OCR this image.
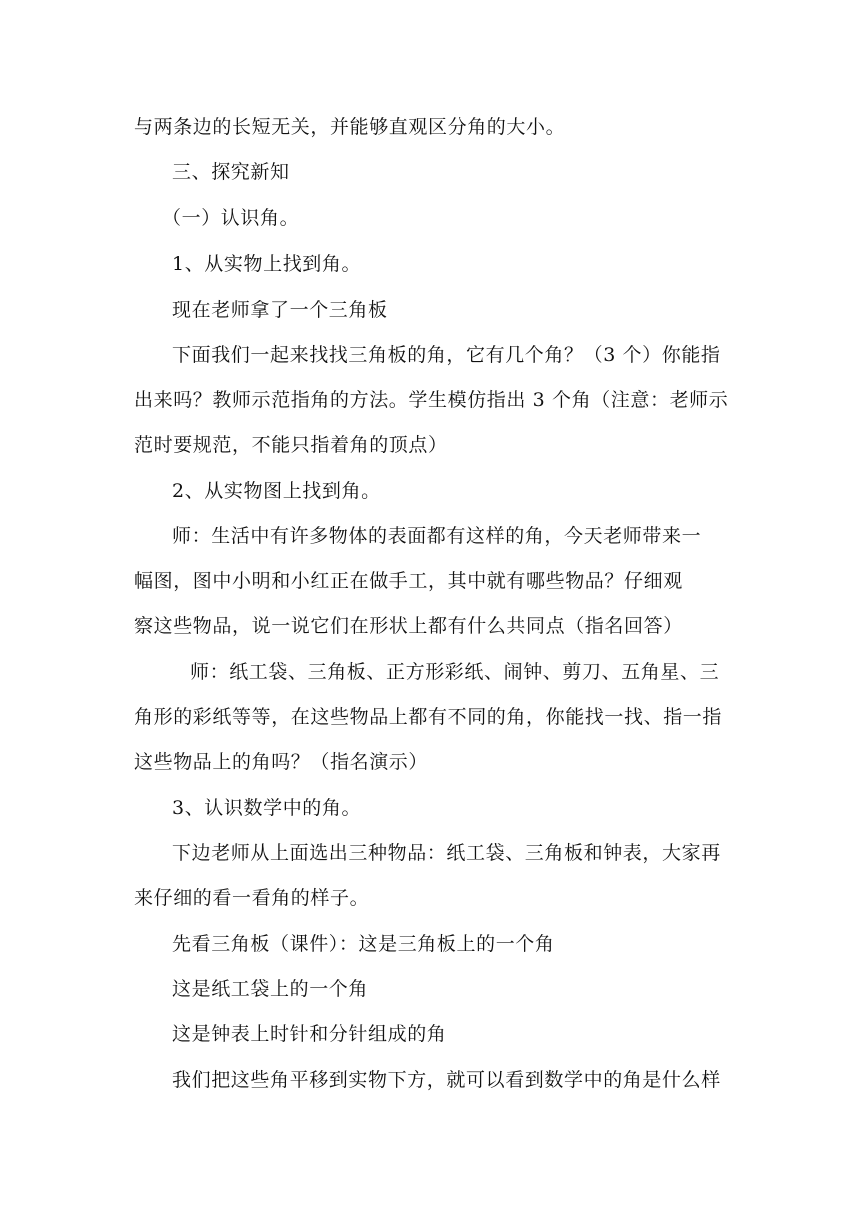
与两条边的长短无关，并能够直观区分角的大小。
三、探究新知
（一）认识角。
1、从实物上找到角。
现在老师拿了一个三角板
下面我们一起来找找三角板的角，它有几个角？（3 个）你能指
出来吗？教师示范指角的方法。学生模仿指出 3 个角（注意：老师示
范时要规范，不能只指着角的顶点）
2、从实物图上找到角。
师：生活中有许多物体的表面都有这样的角，今天老师带来一
幅图，图中小明和小红正在做手工，其中就有哪些物品？仔细观
察这些物品，说一说它们在形状上都有什么共同点（指名回答）
师：纸工袋、三角板、正方形彩纸、闹钟、剪刀、五角星、三
角形的彩纸等等，在这些物品上都有不同的角，你能找一找、指一指
这些物品上的角吗？（指名演示）
3、认识数学中的角。
下边老师从上面选出三种物品：纸工袋、三角板和钟表，大家再
来仔细的看一看角的样子。
先看三角板（课件）：这是三角板上的一个角
这是纸工袋上的一个角
这是钟表上时针和分针组成的角
我们把这些角平移到实物下方，就可以看到数学中的角是什么样
